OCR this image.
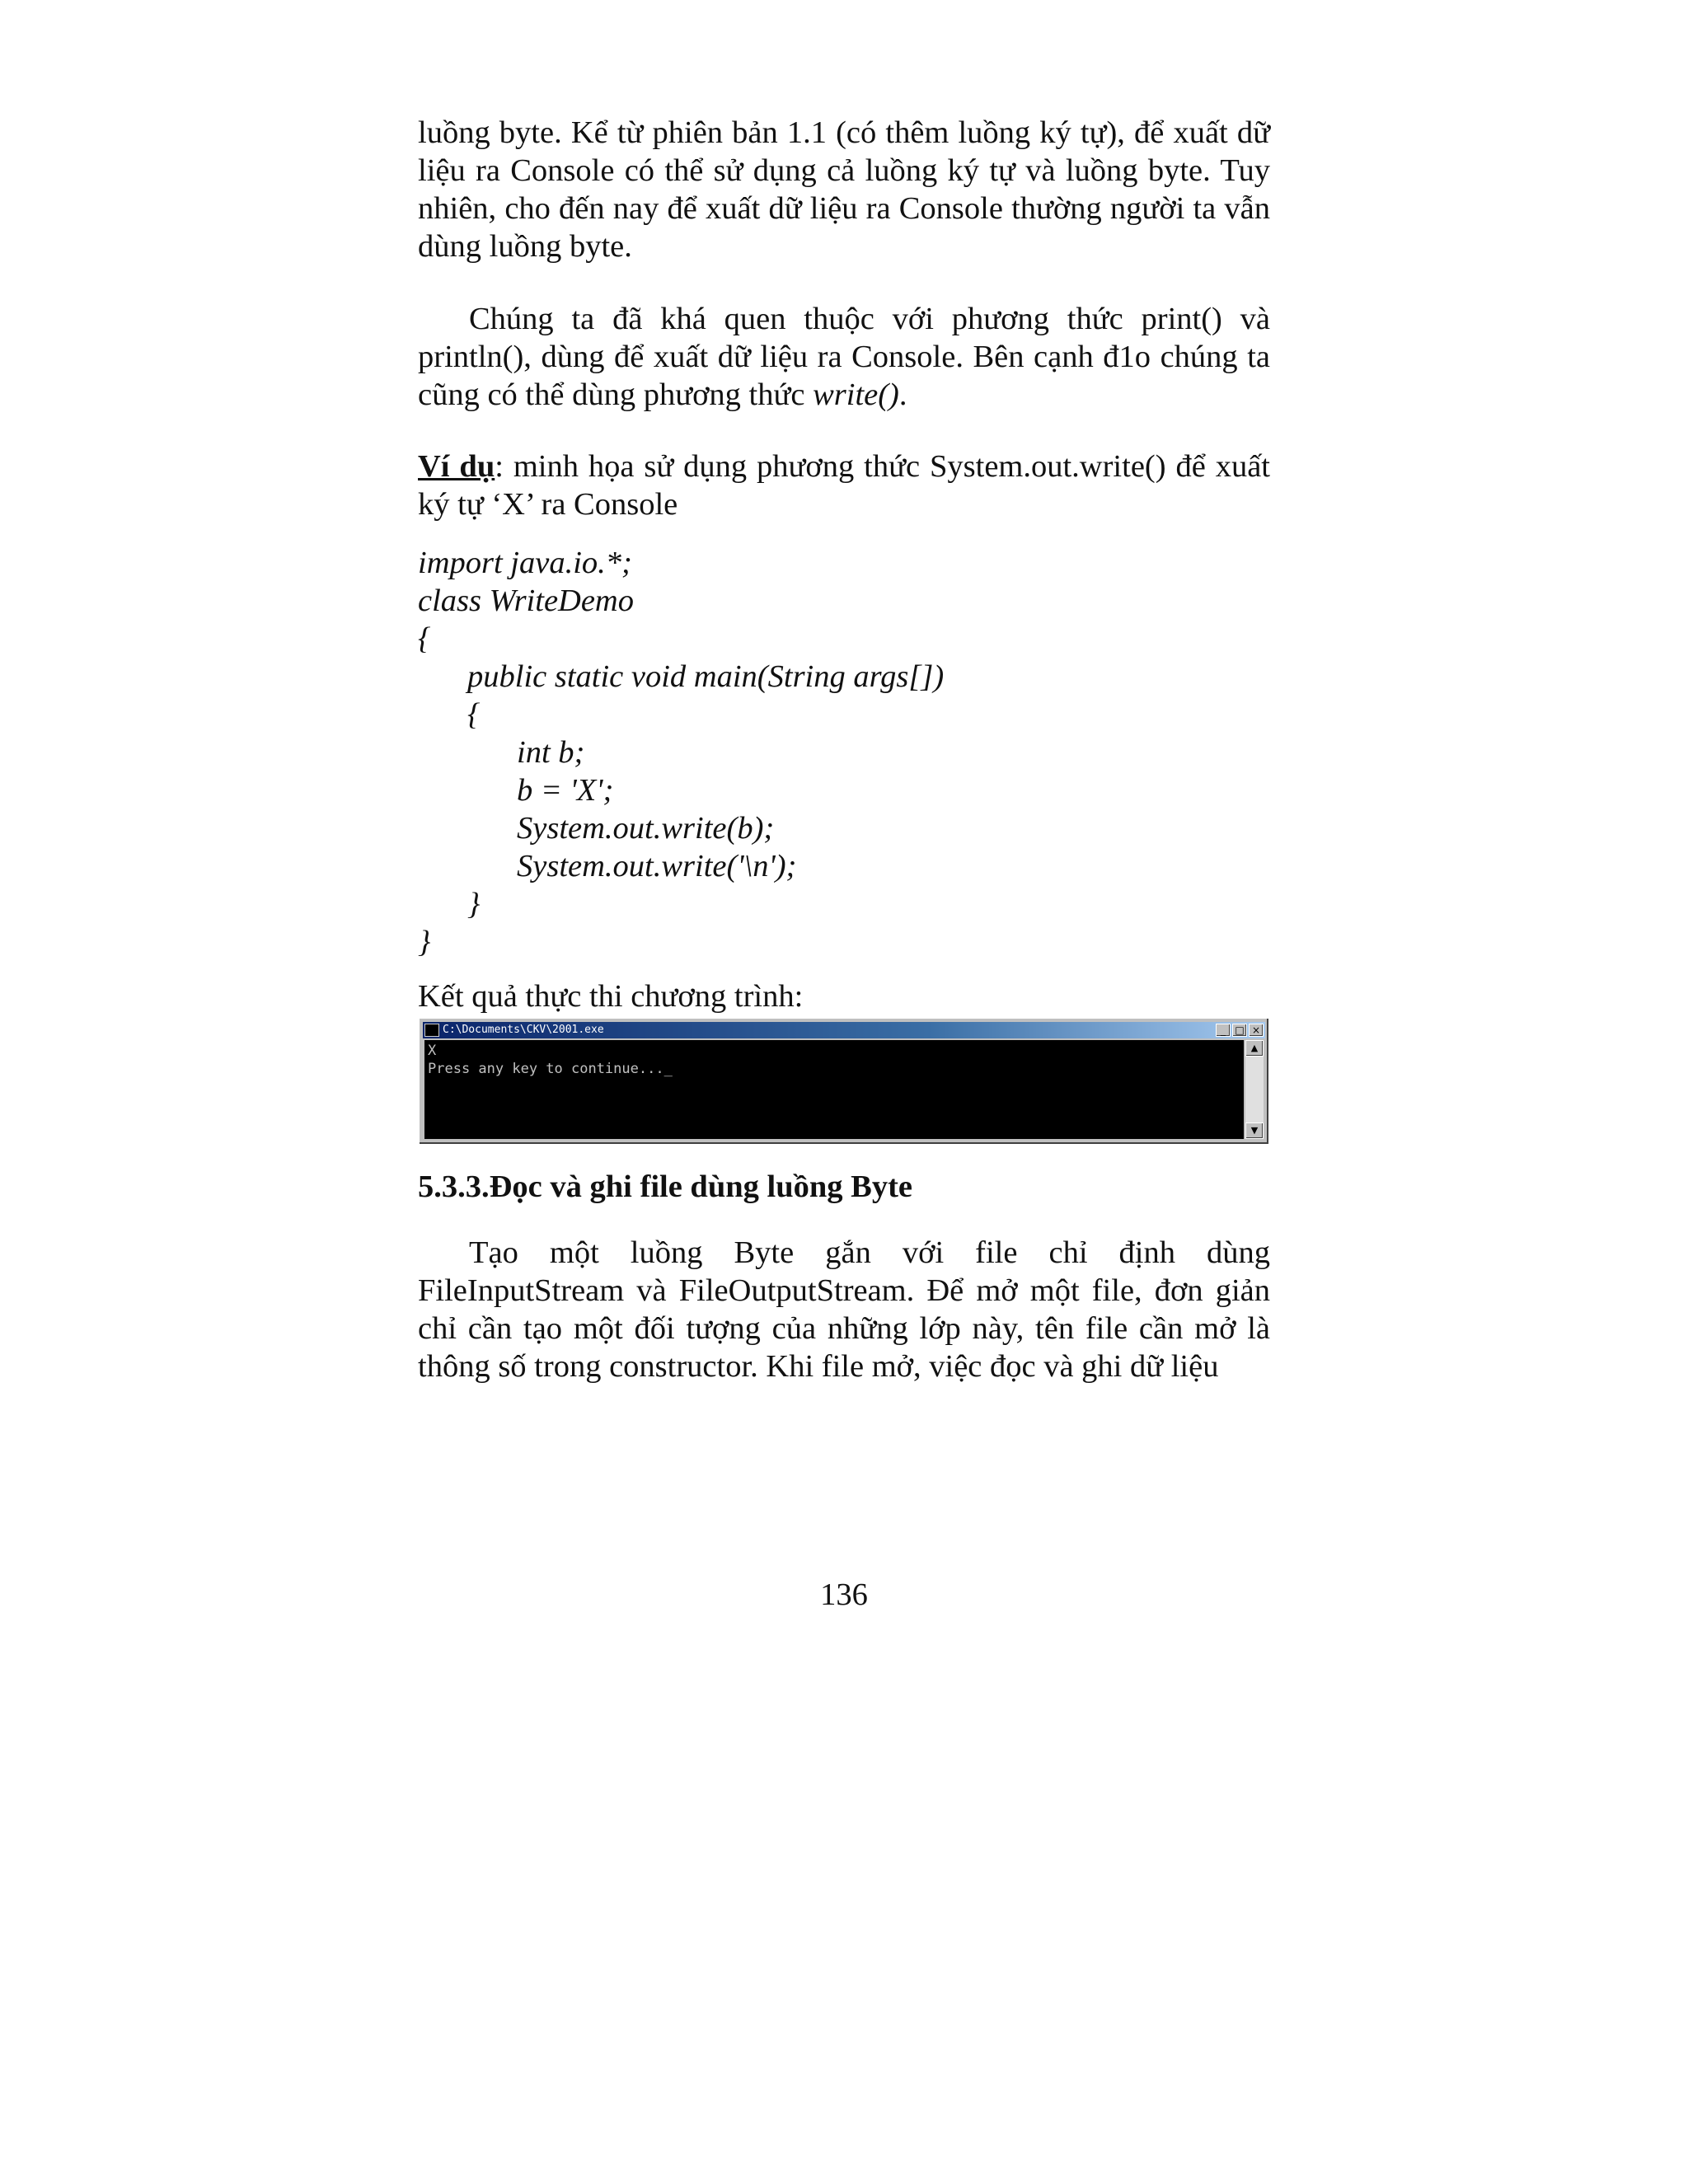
luồng byte. Kể từ phiên bản 1.1 (có thêm luồng ký tự), để xuất dữ liệu ra Console có thể sử dụng cả luồng ký tự và luồng byte. Tuy nhiên, cho đến nay để xuất dữ liệu ra Console thường người ta vẫn dùng luồng byte.

Chúng ta đã khá quen thuộc với phương thức print() và println(), dùng để xuất dữ liệu ra Console. Bên cạnh đ1o chúng ta cũng có thể dùng phương thức write().

Ví dụ: minh họa sử dụng phương thức System.out.write() để xuất ký tự ‘X’ ra Console

import java.io.*;
class WriteDemo
{
public static void main(String args[])
{
int b;
b = 'X';
System.out.write(b);
System.out.write('\n');
}
}
Kết quả thực thi chương trình:
C:\Documents\CKV\2001.exe	_ □ ×
X
Press any key to continue..._
▲
▼
5.3.3.Đọc và ghi file dùng luồng Byte

Tạo một luồng Byte gắn với file chỉ định dùng FileInputStream và FileOutputStream. Để mở một file, đơn giản chỉ cần tạo một đối tượng của những lớp này, tên file cần mở là thông số trong constructor. Khi file mở, việc đọc và ghi dữ liệu

136
